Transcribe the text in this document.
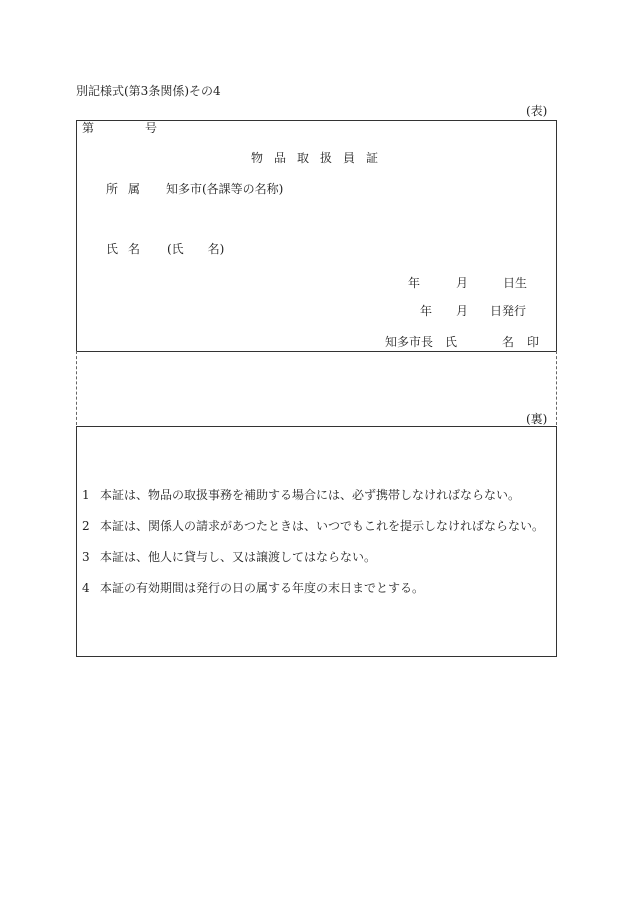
別記様式(第3条関係)その4
(表)
第	号
物品取扱員証
所属 知多市(各課等の名称)
氏名 (氏　　名)
年	月	日生
年 月 日発行
知多市長 氏	名 印
(裏)
1 本証は、物品の取扱事務を補助する場合には、必ず携帯しなければならない。
2 本証は、関係人の請求があつたときは、いつでもこれを提示しなければならない。
3 本証は、他人に貸与し、又は譲渡してはならない。
4 本証の有効期間は発行の日の属する年度の末日までとする。
